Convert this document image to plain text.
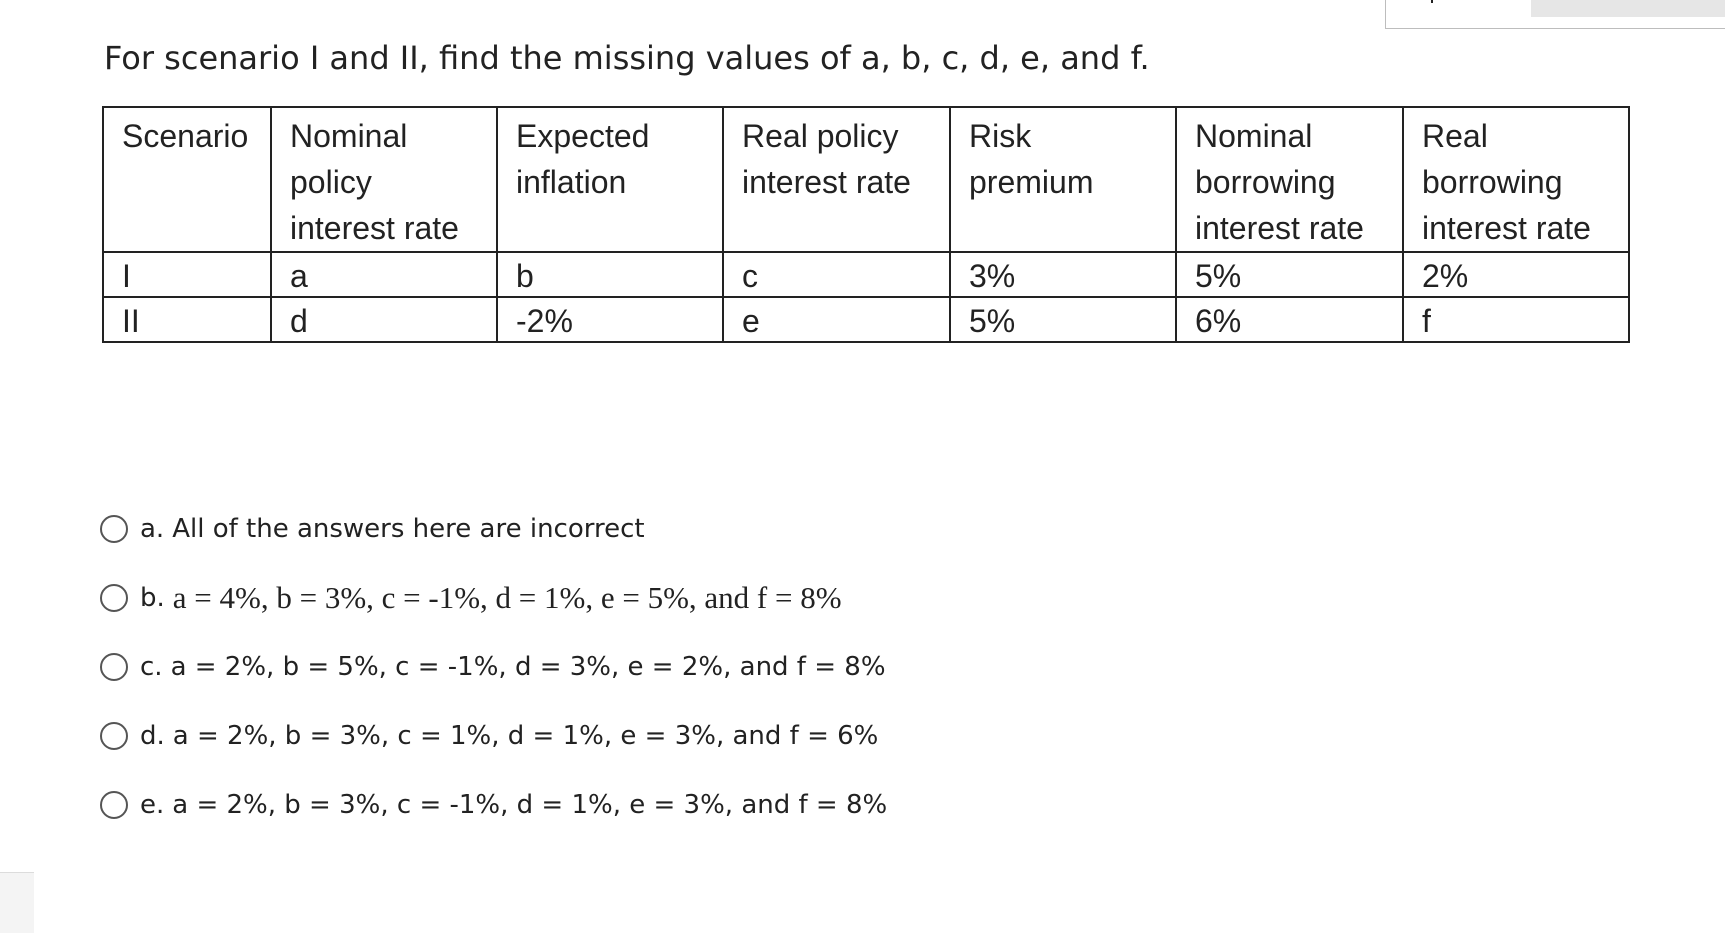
For scenario I and II, find the missing values of a, b, c, d, e, and f.
Scenario	Nominal policy interest rate	Expected inflation	Real policy interest rate	Risk premium	Nominal borrowing interest rate	Real borrowing interest rate
I	a	b	c	3%	5%	2%
II	d	-2%	e	5%	6%	f
a. All of the answers here are incorrect
b. a = 4%, b = 3%, c = -1%, d = 1%, e = 5%, and f = 8%
c. a = 2%, b = 5%, c = -1%, d = 3%, e = 2%, and f = 8%
d. a = 2%, b = 3%, c = 1%, d = 1%, e = 3%, and f = 6%
e. a = 2%, b = 3%, c = -1%, d = 1%, e = 3%, and f = 8%
